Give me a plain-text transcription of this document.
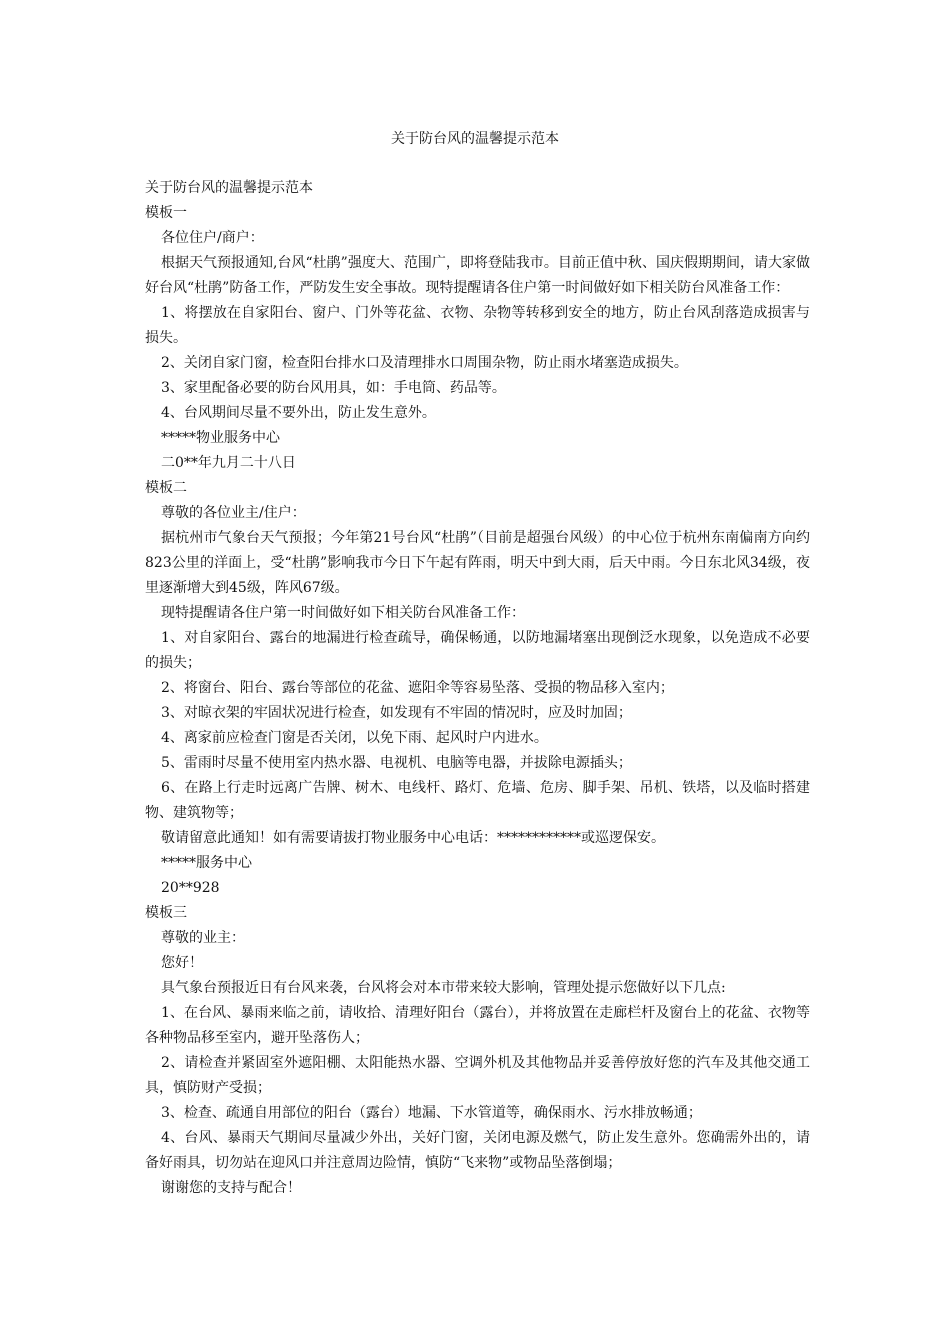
关于防台风的温馨提示范本

关于防台风的温馨提示范本

模板一

各位住户/商户：

根据天气预报通知,台风“杜鹃”强度大、范围广，即将登陆我市。目前正值中秋、国庆假期期间，请大家做好台风“杜鹃”防备工作，严防发生安全事故。现特提醒请各住户第一时间做好如下相关防台风准备工作：

1、将摆放在自家阳台、窗户、门外等花盆、衣物、杂物等转移到安全的地方，防止台风刮落造成损害与损失。

2、关闭自家门窗，检查阳台排水口及清理排水口周围杂物，防止雨水堵塞造成损失。

3、家里配备必要的防台风用具，如：手电筒、药品等。

4、台风期间尽量不要外出，防止发生意外。

*****物业服务中心

二0**年九月二十八日

模板二

尊敬的各位业主/住户：

据杭州市气象台天气预报；今年第21号台风“杜鹃”（目前是超强台风级）的中心位于杭州东南偏南方向约823公里的洋面上，受“杜鹃”影响我市今日下午起有阵雨，明天中到大雨，后天中雨。今日东北风34级，夜里逐渐增大到45级，阵风67级。

现特提醒请各住户第一时间做好如下相关防台风准备工作：

1、对自家阳台、露台的地漏进行检查疏导，确保畅通，以防地漏堵塞出现倒泛水现象，以免造成不必要的损失；

2、将窗台、阳台、露台等部位的花盆、遮阳伞等容易坠落、受损的物品移入室内；

3、对晾衣架的牢固状况进行检查，如发现有不牢固的情况时，应及时加固；

4、离家前应检查门窗是否关闭，以免下雨、起风时户内进水。

5、雷雨时尽量不使用室内热水器、电视机、电脑等电器，并拔除电源插头；

6、在路上行走时远离广告牌、树木、电线杆、路灯、危墙、危房、脚手架、吊机、铁塔，以及临时搭建物、建筑物等；

敬请留意此通知！如有需要请拔打物业服务中心电话：************或巡逻保安。

*****服务中心

20**928

模板三

尊敬的业主：

您好！

具气象台预报近日有台风来袭，台风将会对本市带来较大影响，管理处提示您做好以下几点:

1、在台风、暴雨来临之前，请收拾、清理好阳台（露台），并将放置在走廊栏杆及窗台上的花盆、衣物等各种物品移至室内，避开坠落伤人；

2、请检查并紧固室外遮阳棚、太阳能热水器、空调外机及其他物品并妥善停放好您的汽车及其他交通工具，慎防财产受损；

3、检查、疏通自用部位的阳台（露台）地漏、下水管道等，确保雨水、污水排放畅通；

4、台风、暴雨天气期间尽量减少外出，关好门窗，关闭电源及燃气，防止发生意外。您确需外出的，请备好雨具，切勿站在迎风口并注意周边险情，慎防“飞来物”或物品坠落倒塌；

谢谢您的支持与配合！
